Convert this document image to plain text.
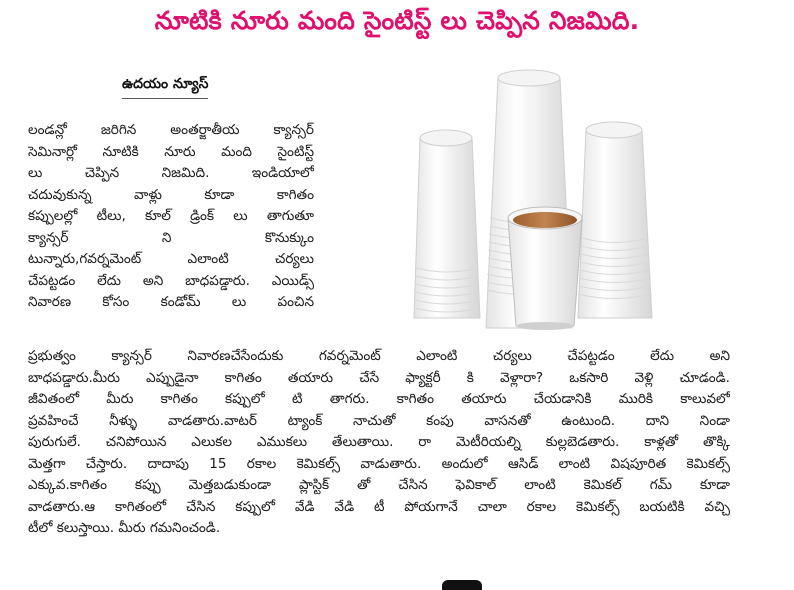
నూటికి నూరు మంది సైంటిస్ట్ లు చెప్పిన నిజమిది.
ఉదయం న్యూస్
లండన్లో జరిగిన అంతర్జాతీయ క్యాన్సర్
సెమినార్లో నూటికి నూరు మంది సైంటిస్ట్
లు చెప్పిన నిజమిది. ఇండియాలో
చదువుకున్న వాళ్లు కూడా కాగితం
కప్పులల్లో టీలు, కూల్ డ్రింక్ లు తాగుతూ
క్యాన్సర్ ని కొనుక్కుం
టున్నారు,గవర్నమెంట్ ఎలాంటి చర్యలు
చేపట్టడం లేదు అని బాధపడ్డారు. ఎయిడ్స్
నివారణ కోసం కండోమ్ లు పంచిన
ప్రభుత్వం క్యాన్సర్ నివారణచేసేందుకు గవర్నమెంట్ ఎలాంటి చర్యలు చేపట్టడం లేదు అని
బాధపడ్డారు.మీరు ఎప్పుడైనా కాగితం తయారు చేసే ఫ్యాక్టరీ కి వెళ్లారా? ఒకసారి వెళ్లి చూడండి.
జీవితంలో మీరు కాగితం కప్పులో టి తాగరు. కాగితం తయారు చేయడానికి మురికి కాలువలో
ప్రవహించే నీళ్ళు వాడతారు.వాటర్ ట్యాంక్ నాచుతో కంపు వాసనతో ఉంటుంది. దాని నిండా
పురుగులే. చనిపోయిన ఎలుకల ఎముకలు తేలుతాయి. రా మెటీరియల్ని కుల్లబెడతారు. కాళ్లతో తొక్కి
మెత్తగా చేస్తారు. దాదాపు 15 రకాల కెమికల్స్ వాడుతారు. అందులో ఆసిడ్ లాంటి విషపూరిత కెమికల్స్
ఎక్కువ.కాగితం కప్పు మెత్తబడుకుండా ప్లాస్టిక్ తో చేసిన ఫెవికాల్ లాంటి కెమికల్ గమ్ కూడా
వాడతారు.ఆ కాగితంలో చేసిన కప్పులో వేడి వేడి టీ పోయగానే చాలా రకాల కెమికల్స్ బయటికి వచ్చి
టీలో కలుస్తాయి. మీరు గమనించండి.
